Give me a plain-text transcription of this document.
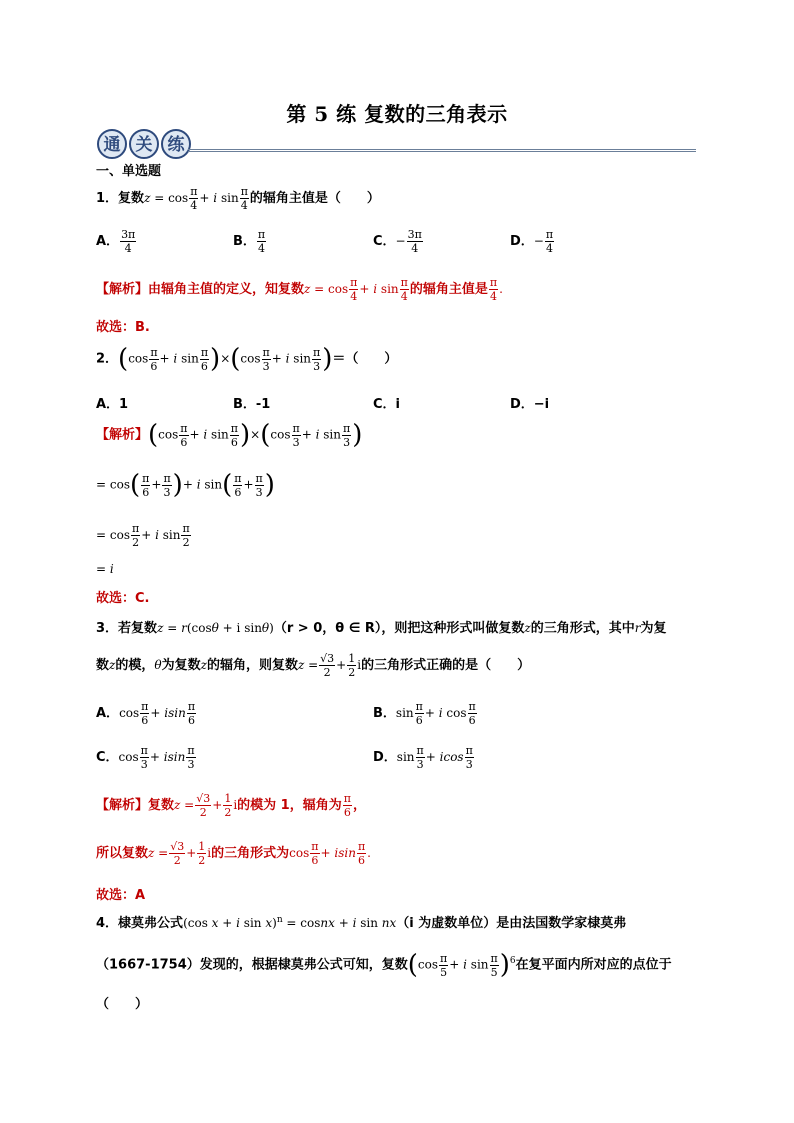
第 5 练 复数的三角表示
通 关 练
一、单选题
1．复数$z = \cos \frac{\pi}{4} + i$ $\sin \frac{\pi}{4}$ 的辐角主值是（　　）
A． $\frac{3\pi}{4}$	B． $\frac{\pi}{4}$	C．− $\frac{3\pi}{4}$	D．− $\frac{\pi}{4}$
【解析】由辐角主值的定义，知复数$z = \cos \frac{\pi}{4} + i$ $\sin \frac{\pi}{4}$ 的辐角主值是 $\frac{\pi}{4}$ .
故选：B.
2．($\cos \frac{\pi}{6} + i$ $\sin \frac{\pi}{6} )\times(\cos \frac{\pi}{3} + i$ $\sin \frac{\pi}{3}$ )＝（　　）
A．1	B．-1	C．i	D．−i
【解析】($\cos \frac{\pi}{6} + i$ $\sin \frac{\pi}{6} )\times(\cos \frac{\pi}{3} + i$ $\sin \frac{\pi}{3}$ )
= $\cos( \frac{\pi}{6} + \frac{\pi}{3}$ )+ i $\sin( \frac{\pi}{6} + \frac{\pi}{3}$ )
= $\cos \frac{\pi}{2} + i$ $\sin \frac{\pi}{2}$
= i
故选：C.
3．若复数z = r(cosθ + i sinθ)（r > 0，θ ∈ R），则把这种形式叫做复数z的三角形式，其中r为复
数z的模，θ为复数z的辐角，则复数$z = \frac{√3}{2} + \frac{1}{2}$ i的三角形式正确的是（　　）
A．$\cos \frac{\pi}{6} + isin \frac{\pi}{6}$	B．$\sin \frac{\pi}{6} + i$ $\cos \frac{\pi}{6}$
C．$\cos \frac{\pi}{3} + isin \frac{\pi}{3}$	D．$\sin \frac{\pi}{3} + icos \frac{\pi}{3}$
【解析】复数$z = \frac{√3}{2} + \frac{1}{2}$ i的模为 1，辐角为 $\frac{\pi}{6}$ ，
所以复数$z = \frac{√3}{2} + \frac{1}{2}$ i的三角形式为$\cos \frac{\pi}{6} + isin \frac{\pi}{6}$ .
故选：A
4．棣莫弗公式(cos x + i sin x)$^n$ = cosnx + i sin nx（i 为虚数单位）是由法国数学家棣莫弗
（1667-1754）发现的，根据棣莫弗公式可知，复数($\cos \frac{\pi}{5} + i$ $\sin \frac{\pi}{5} )^6$在复平面内所对应的点位于
（　　）
